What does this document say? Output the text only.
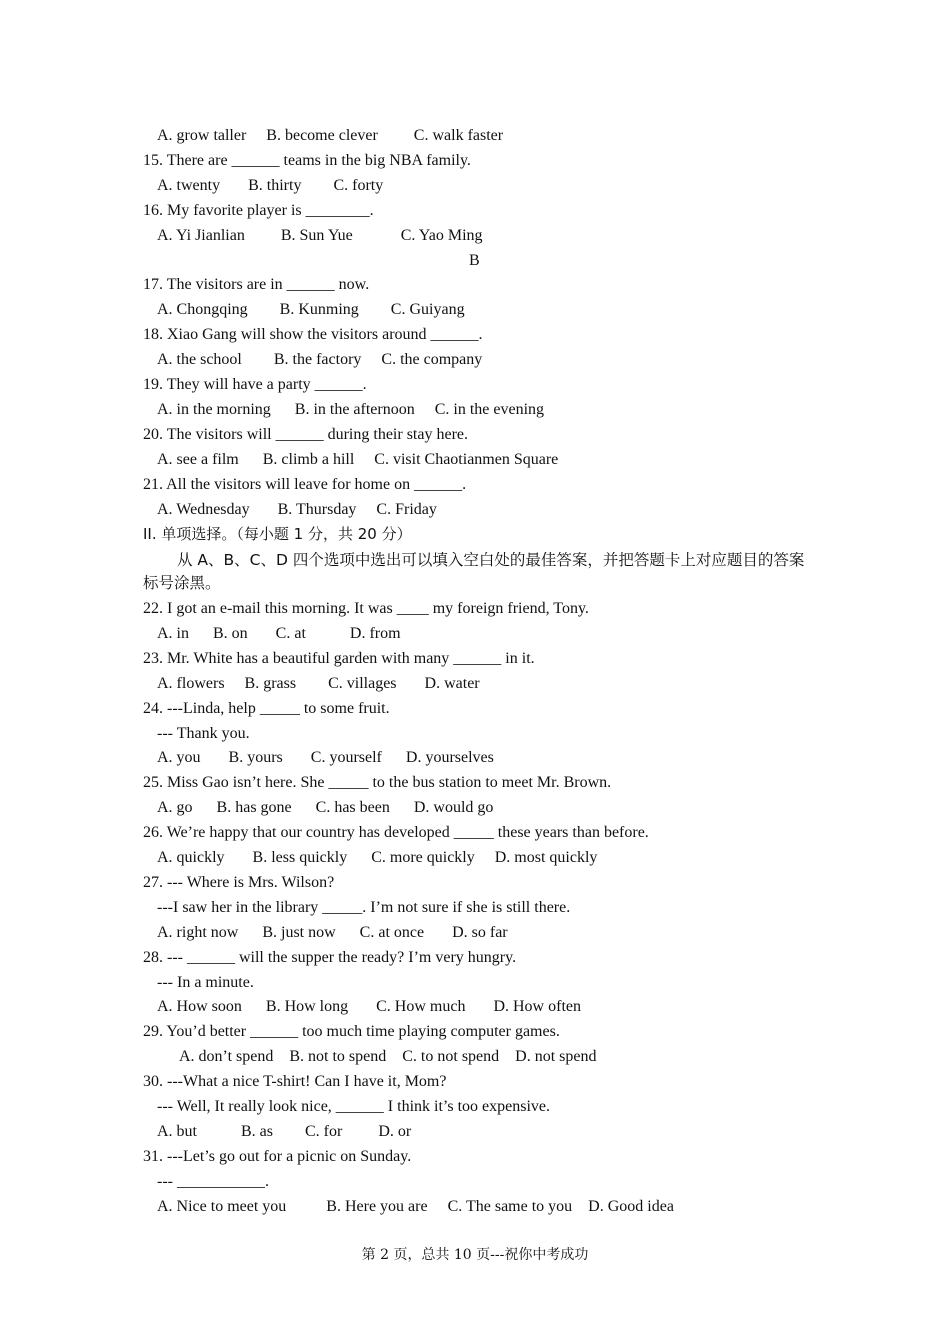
A. grow taller     B. become clever         C. walk faster
15. There are ______ teams in the big NBA family.
A. twenty       B. thirty        C. forty
16. My favorite player is ________.
A. Yi Jianlian         B. Sun Yue            C. Yao Ming
B
17. The visitors are in ______ now.
A. Chongqing        B. Kunming        C. Guiyang
18. Xiao Gang will show the visitors around ______.
A. the school        B. the factory     C. the company
19. They will have a party ______.
A. in the morning      B. in the afternoon     C. in the evening
20. The visitors will ______ during their stay here.
A. see a film      B. climb a hill     C. visit Chaotianmen Square
21. All the visitors will leave for home on ______.
A. Wednesday       B. Thursday     C. Friday
II. 单项选择。（每小题 1 分，共 20 分）
从 A、B、C、D 四个选项中选出可以填入空白处的最佳答案，并把答题卡上对应题目的答案标号涂黑。
22. I got an e-mail this morning. It was ____ my foreign friend, Tony.
A. in      B. on       C. at           D. from
23. Mr. White has a beautiful garden with many ______ in it.
A. flowers     B. grass        C. villages       D. water
24. ---Linda, help _____ to some fruit.
--- Thank you.
A. you       B. yours       C. yourself      D. yourselves
25. Miss Gao isn’t here. She _____ to the bus station to meet Mr. Brown.
A. go      B. has gone      C. has been      D. would go
26. We’re happy that our country has developed _____ these years than before.
A. quickly       B. less quickly      C. more quickly     D. most quickly
27. --- Where is Mrs. Wilson?
---I saw her in the library _____. I’m not sure if she is still there.
A. right now      B. just now      C. at once       D. so far
28. --- ______ will the supper the ready? I’m very hungry.
--- In a minute.
A. How soon      B. How long       C. How much       D. How often
29. You’d better ______ too much time playing computer games.
A. don’t spend    B. not to spend    C. to not spend    D. not spend
30. ---What a nice T-shirt! Can I have it, Mom?
--- Well, It really look nice, ______ I think it’s too expensive.
A. but           B. as        C. for         D. or
31. ---Let’s go out for a picnic on Sunday.
--- ___________.
A. Nice to meet you          B. Here you are     C. The same to you    D. Good idea
第 2 页，总共 10 页---祝你中考成功
